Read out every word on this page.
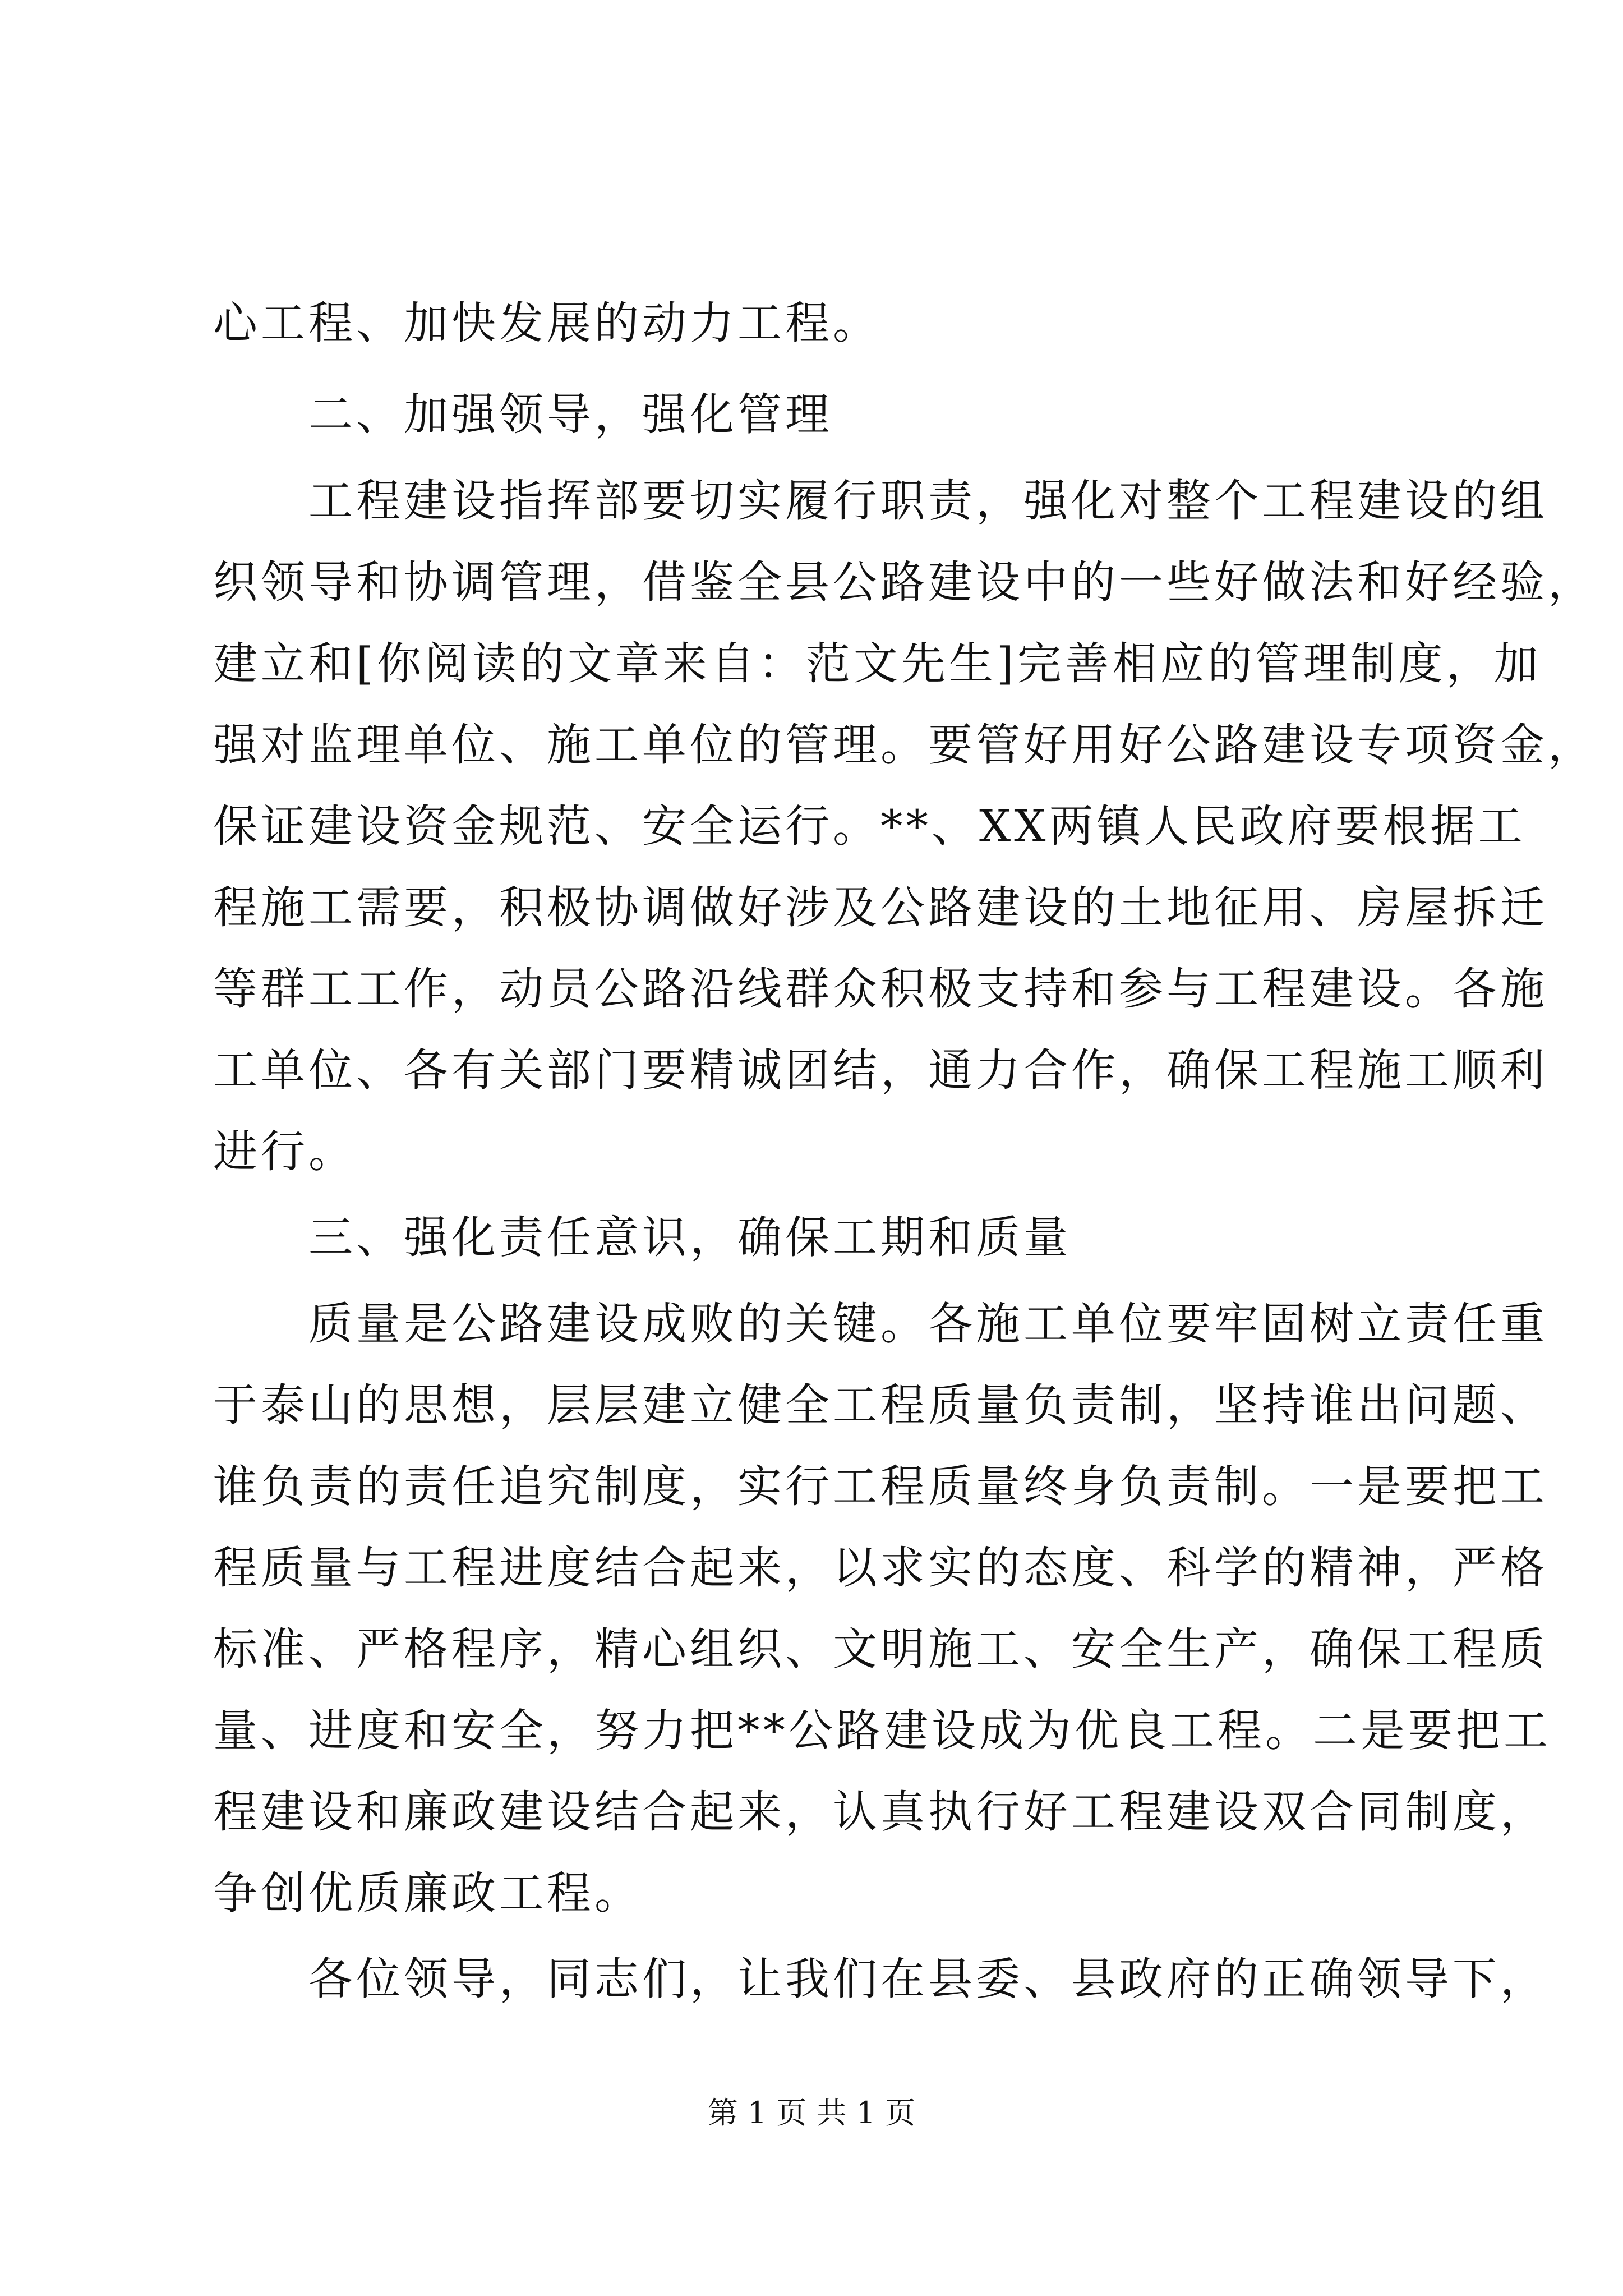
心工程、加快发展的动力工程。
　　二、加强领导，强化管理
　　工程建设指挥部要切实履行职责，强化对整个工程建设的组
织领导和协调管理，借鉴全县公路建设中的一些好做法和好经验，
建立和[你阅读的文章来自：范文先生]完善相应的管理制度，加
强对监理单位、施工单位的管理。要管好用好公路建设专项资金，
保证建设资金规范、安全运行。**、XX两镇人民政府要根据工
程施工需要，积极协调做好涉及公路建设的土地征用、房屋拆迁
等群工工作，动员公路沿线群众积极支持和参与工程建设。各施
工单位、各有关部门要精诚团结，通力合作，确保工程施工顺利
进行。
　　三、强化责任意识，确保工期和质量
　　质量是公路建设成败的关键。各施工单位要牢固树立责任重
于泰山的思想，层层建立健全工程质量负责制，坚持谁出问题、
谁负责的责任追究制度，实行工程质量终身负责制。一是要把工
程质量与工程进度结合起来，以求实的态度、科学的精神，严格
标准、严格程序，精心组织、文明施工、安全生产，确保工程质
量、进度和安全，努力把**公路建设成为优良工程。二是要把工
程建设和廉政建设结合起来，认真执行好工程建设双合同制度，
争创优质廉政工程。
　　各位领导，同志们，让我们在县委、县政府的正确领导下，
第 1 页 共 1 页
